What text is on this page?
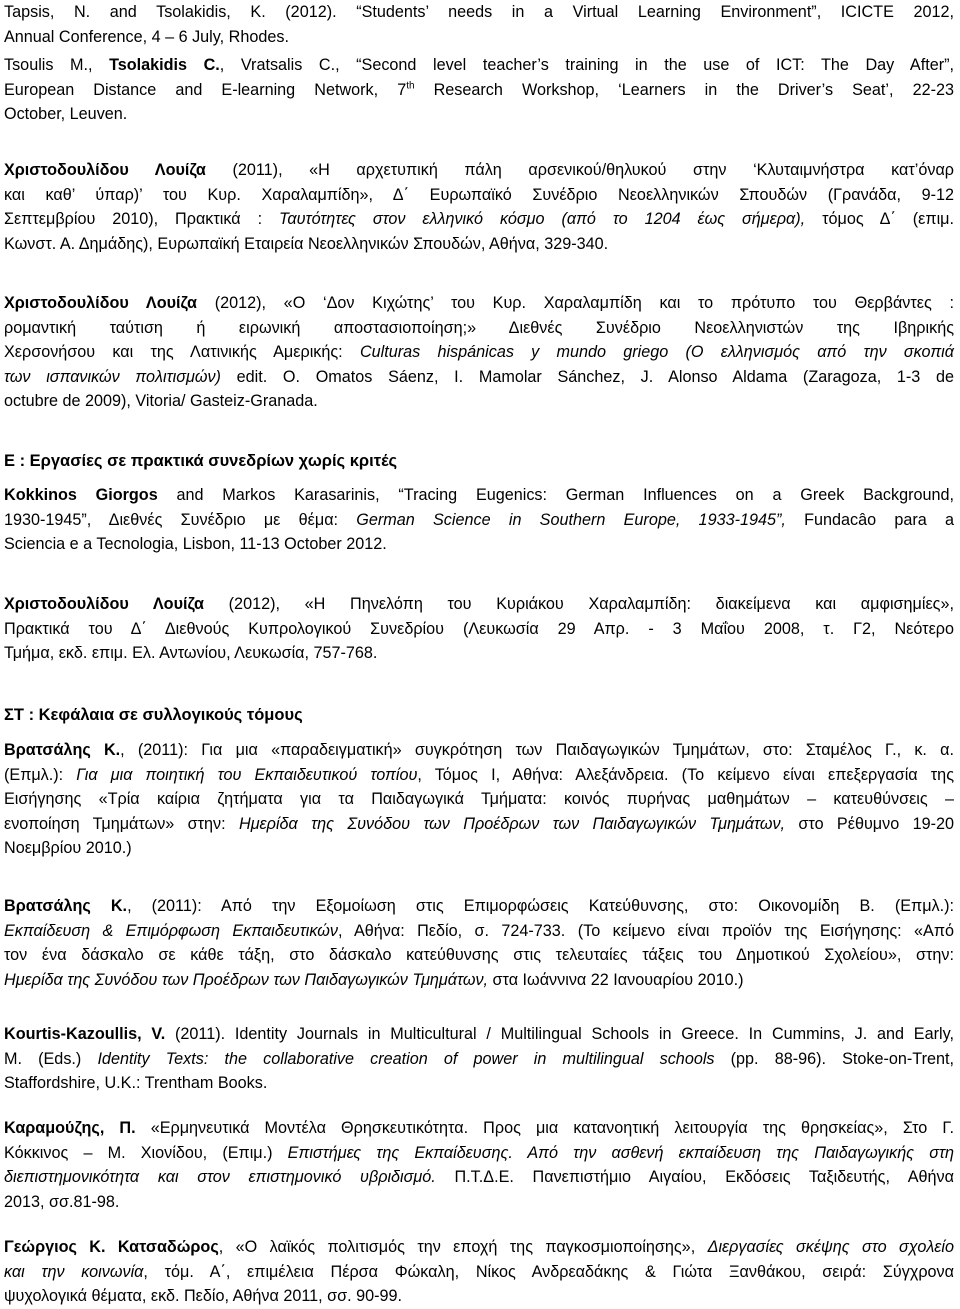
Tapsis, N. and Tsolakidis, K. (2012). “Students’ needs in a Virtual Learning Environment”, ICICTE 2012,
Annual Conference, 4 – 6 July, Rhodes.
Tsoulis M., Tsolakidis C., Vratsalis C., “Second level teacher’s training in the use of ICT: The Day After”,
European Distance and E-learning Network, 7th Research Workshop, ‘Learners in the Driver’s Seat’, 22-23
October, Leuven.
Χριστοδουλίδου Λουίζα (2011), «Η αρχετυπική πάλη αρσενικού/θηλυκού στην ‘Κλυταιμνήστρα κατ’όναρ
και καθ’ ύπαρ)’ του Κυρ. Χαραλαμπίδη», Δ΄ Ευρωπαϊκό Συνέδριο Νεοελληνικών Σπουδών (Γρανάδα, 9-12
Σεπτεμβρίου 2010), Πρακτικά : Ταυτότητες στον ελληνικό κόσμο (από το 1204 έως σήμερα), τόμος Δ΄ (επιμ.
Κωνστ. Α. Δημάδης), Ευρωπαϊκή Εταιρεία Νεοελληνικών Σπουδών, Αθήνα, 329-340.
Χριστοδουλίδου Λουίζα (2012), «Ο ‘Δον Κιχώτης’ του Κυρ. Χαραλαμπίδη και το πρότυπο του Θερβάντες :
ρομαντική ταύτιση ή ειρωνική αποστασιοποίηση;» Διεθνές Συνέδριο Νεοελληνιστών της Ιβηρικής
Χερσονήσου και της Λατινικής Αμερικής: Culturas hispánicas y mundo griego (Ο ελληνισμός από την σκοπιά
των ισπανικών πολιτισμών) edit. O. Omatos Sáenz, I. Mamolar Sánchez, J. Alonso Aldama (Zaragoza, 1-3 de
octubre de 2009), Vitoria/ Gasteiz-Granada.
Ε : Εργασίες σε πρακτικά συνεδρίων χωρίς κριτές
Kokkinos Giorgos and Markos Karasarinis, “Tracing Eugenics: German Influences on a Greek Background,
1930-1945”, Διεθνές Συνέδριο με θέμα: German Science in Southern Europe, 1933-1945”, Fundacâo para a
Sciencia e a Tecnologia, Lisbon, 11-13 October 2012.
Χριστοδουλίδου Λουίζα (2012), «Η Πηνελόπη του Κυριάκου Χαραλαμπίδη: διακείμενα και αμφισημίες»,
Πρακτικά του Δ΄ Διεθνούς Κυπρολογικού Συνεδρίου (Λευκωσία 29 Απρ. - 3 Μαΐου 2008, τ. Γ2, Νεότερο
Τμήμα, εκδ. επιμ. Ελ. Αντωνίου, Λευκωσία, 757-768.
ΣΤ : Κεφάλαια σε συλλογικούς τόμους
Βρατσάλης Κ., (2011): Για μια «παραδειγματική» συγκρότηση των Παιδαγωγικών Τμημάτων, στο: Σταμέλος Γ., κ. α.
(Επμλ.): Για μια ποιητική του Εκπαιδευτικού τοπίου, Τόμος Ι, Αθήνα: Αλεξάνδρεια. (Το κείμενο είναι επεξεργασία της
Εισήγησης «Τρία καίρια ζητήματα για τα Παιδαγωγικά Τμήματα: κοινός πυρήνας μαθημάτων – κατευθύνσεις –
ενοποίηση Τμημάτων» στην: Ημερίδα της Συνόδου των Προέδρων των Παιδαγωγικών Τμημάτων, στο Ρέθυμνο 19-20
Νοεμβρίου 2010.)
Βρατσάλης Κ., (2011): Από την Εξομοίωση στις Επιμορφώσεις Κατεύθυνσης, στο: Οικονομίδη Β. (Επμλ.):
Εκπαίδευση & Επιμόρφωση Εκπαιδευτικών, Αθήνα: Πεδίο, σ. 724-733. (Το κείμενο είναι προϊόν της Εισήγησης: «Από
τον ένα δάσκαλο σε κάθε τάξη, στο δάσκαλο κατεύθυνσης στις τελευταίες τάξεις του Δημοτικού Σχολείου», στην:
Ημερίδα της Συνόδου των Προέδρων των Παιδαγωγικών Τμημάτων, στα Ιωάννινα 22 Ιανουαρίου 2010.)
Kourtis-Kazoullis, V. (2011). Identity Journals in Multicultural / Multilingual Schools in Greece. In Cummins, J. and Early,
M. (Eds.) Identity Texts: the collaborative creation of power in multilingual schools (pp. 88-96). Stoke-on-Trent,
Staffordshire, U.K.: Trentham Books.
Καραμούζης, Π. «Ερμηνευτικά Μοντέλα Θρησκευτικότητα. Προς μια κατανοητική λειτουργία της θρησκείας», Στο Γ.
Κόκκινος – Μ. Χιονίδου, (Επιμ.) Επιστήμες της Εκπαίδευσης. Από την ασθενή εκπαίδευση της Παιδαγωγικής στη
διεπιστημονικότητα και στον επιστημονικό υβριδισμό. Π.Τ.Δ.Ε. Πανεπιστήμιο Αιγαίου, Εκδόσεις Ταξιδευτής, Αθήνα
2013, σσ.81-98.
Γεώργιος Κ. Κατσαδώρος, «Ο λαϊκός πολιτισμός την εποχή της παγκοσμιοποίησης», Διεργασίες σκέψης στο σχολείο
και την κοινωνία, τόμ. Α΄, επιμέλεια Πέρσα Φώκαλη, Νίκος Ανδρεαδάκης & Γιώτα Ξανθάκου, σειρά: Σύγχρονα
ψυχολογικά θέματα, εκδ. Πεδίο, Αθήνα 2011, σσ. 90-99.
